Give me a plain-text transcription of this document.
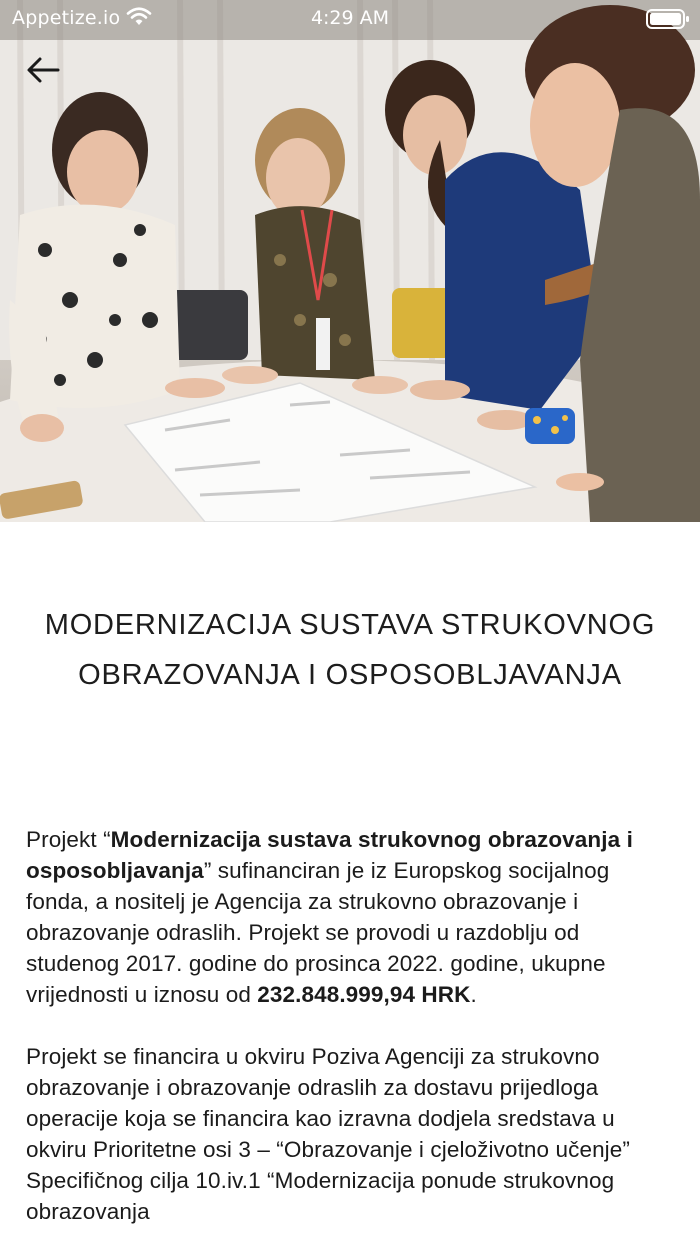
Appetize.io	4:29 AM
MODERNIZACIJA SUSTAVA STRUKOVNOG
OBRAZOVANJA I OSPOSOBLJAVANJA

Projekt “Modernizacija sustava strukovnog obrazovanja i osposobljavanja” sufinanciran je iz Europskog socijalnog fonda, a nositelj je Agencija za strukovno obrazovanje i obrazovanje odraslih. Projekt se provodi u razdoblju od studenog 2017. godine do prosinca 2022. godine, ukupne vrijednosti u iznosu od 232.848.999,94 HRK.

Projekt se financira u okviru Poziva Agenciji za strukovno obrazovanje i obrazovanje odraslih za dostavu prijedloga operacije koja se financira kao izravna dodjela sredstava u okviru Prioritetne osi 3 – “Obrazovanje i cjeloživotno učenje” Specifičnog cilja 10.iv.1 “Modernizacija ponude strukovnog obrazovanja
